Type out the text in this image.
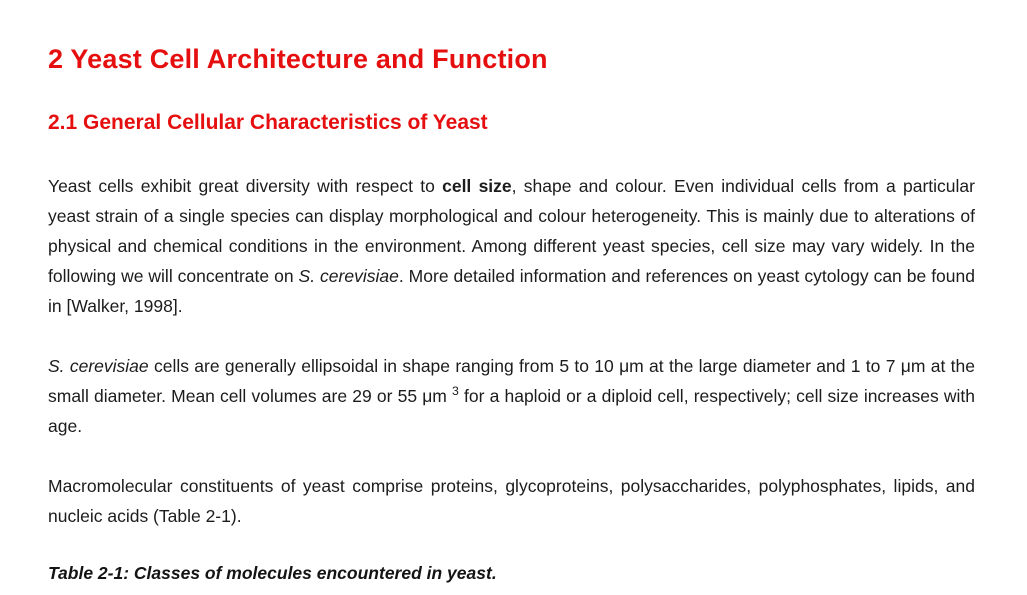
2 Yeast Cell Architecture and Function
2.1 General Cellular Characteristics of Yeast

Yeast cells exhibit great diversity with respect to cell size, shape and colour. Even individual cells from a particular yeast strain of a single species can display morphological and colour heterogeneity. This is mainly due to alterations of physical and chemical conditions in the environment. Among different yeast species, cell size may vary widely. In the following we will concentrate on S. cerevisiae. More detailed information and references on yeast cytology can be found in [Walker, 1998].

S. cerevisiae cells are generally ellipsoidal in shape ranging from 5 to 10 μm at the large diameter and 1 to 7 μm at the small diameter. Mean cell volumes are 29 or 55 μm $^3$ for a haploid or a diploid cell, respectively; cell size increases with age.

Macromolecular constituents of yeast comprise proteins, glycoproteins, polysaccharides, polyphosphates, lipids, and nucleic acids (Table 2-1).

Table 2-1: Classes of molecules encountered in yeast.
